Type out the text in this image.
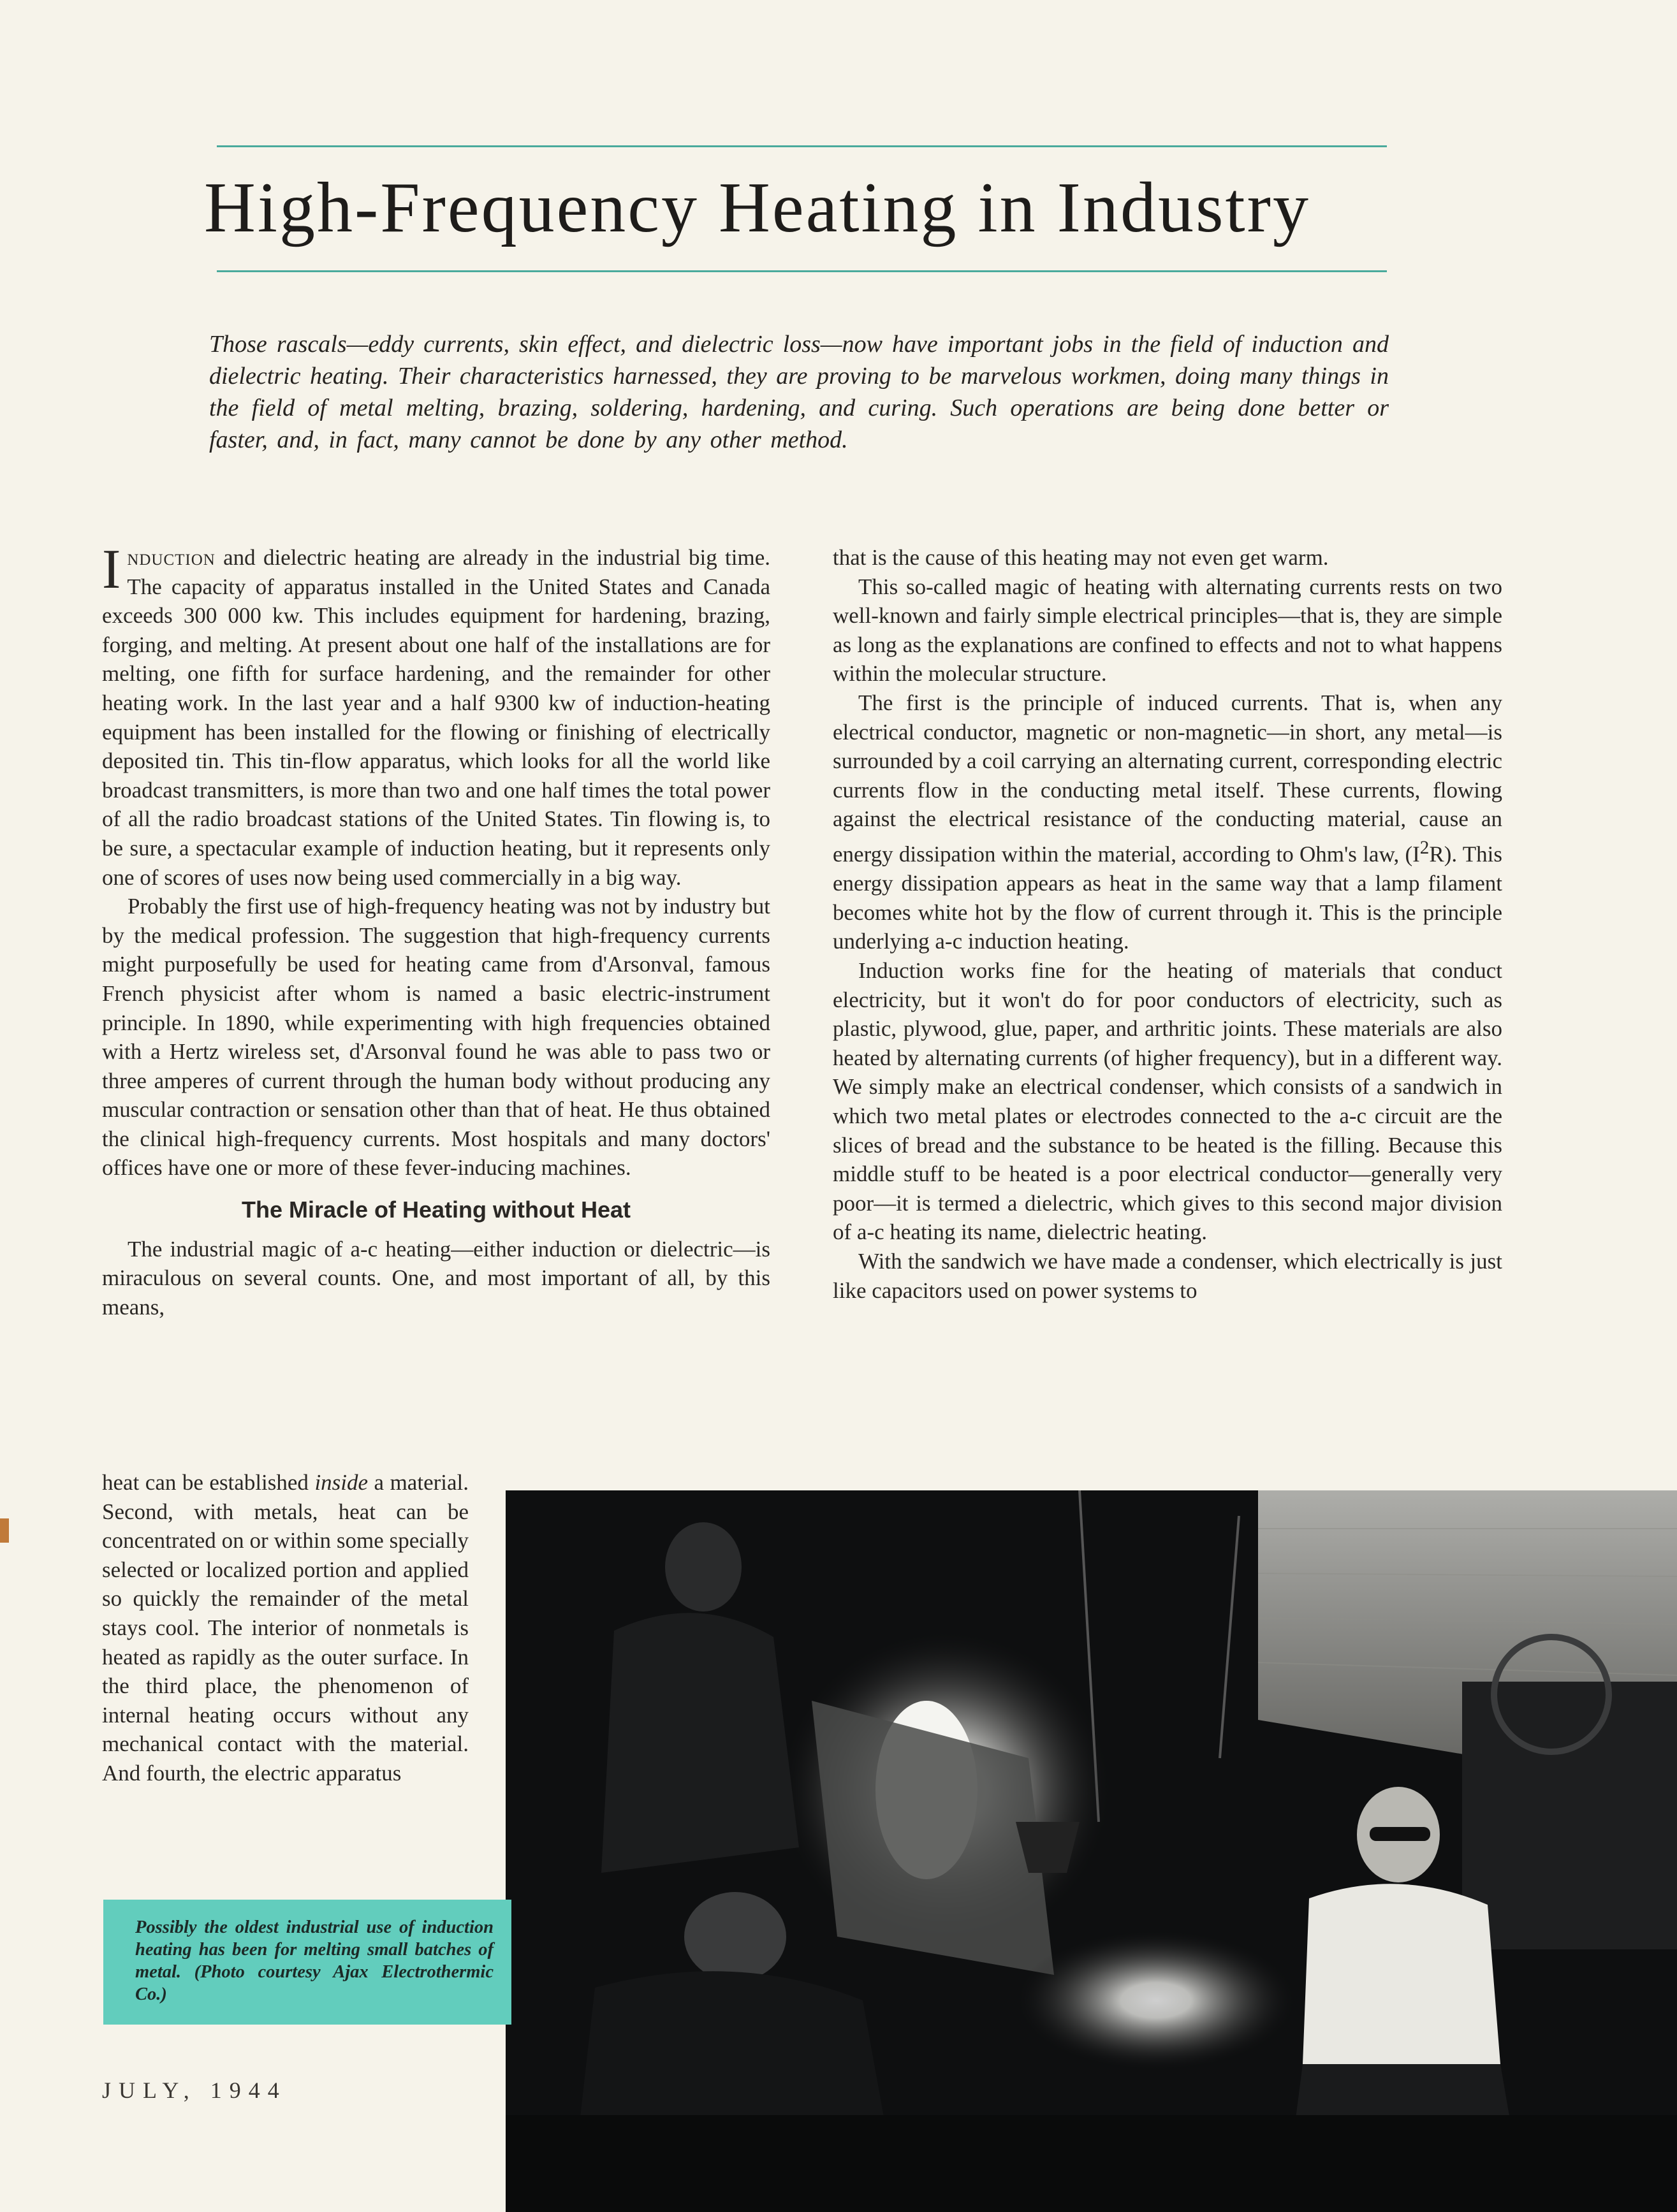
High-Frequency Heating in Industry

Those rascals—eddy currents, skin effect, and dielectric loss—now have important jobs in the field of induction and dielectric heating. Their characteristics harnessed, they are proving to be marvelous workmen, doing many things in the field of metal melting, brazing, soldering, hardening, and curing. Such operations are being done better or faster, and, in fact, many cannot be done by any other method.

Induction and dielectric heating are already in the industrial big time. The capacity of apparatus installed in the United States and Canada exceeds 300 000 kw. This includes equipment for hardening, brazing, forging, and melting. At present about one half of the installations are for melting, one fifth for surface hardening, and the remainder for other heating work. In the last year and a half 9300 kw of induction-heating equipment has been installed for the flowing or finishing of electrically deposited tin. This tin-flow apparatus, which looks for all the world like broadcast transmitters, is more than two and one half times the total power of all the radio broadcast stations of the United States. Tin flowing is, to be sure, a spectacular example of induction heating, but it represents only one of scores of uses now being used commercially in a big way.

Probably the first use of high-frequency heating was not by industry but by the medical profession. The suggestion that high-frequency currents might purposefully be used for heating came from d'Arsonval, famous French physicist after whom is named a basic electric-instrument principle. In 1890, while experimenting with high frequencies obtained with a Hertz wireless set, d'Arsonval found he was able to pass two or three amperes of current through the human body without producing any muscular contraction or sensation other than that of heat. He thus obtained the clinical high-frequency currents. Most hospitals and many doctors' offices have one or more of these fever-inducing machines.

The Miracle of Heating without Heat

The industrial magic of a-c heating—either induction or dielectric—is miraculous on several counts. One, and most important of all, by this means,

heat can be established inside a material. Second, with metals, heat can be concentrated on or within some specially selected or localized portion and applied so quickly the remainder of the metal stays cool. The interior of nonmetals is heated as rapidly as the outer surface. In the third place, the phenomenon of internal heating occurs without any mechanical contact with the material. And fourth, the electric apparatus

that is the cause of this heating may not even get warm.

This so-called magic of heating with alternating currents rests on two well-known and fairly simple electrical principles—that is, they are simple as long as the explanations are confined to effects and not to what happens within the molecular structure.

The first is the principle of induced currents. That is, when any electrical conductor, magnetic or non-magnetic—in short, any metal—is surrounded by a coil carrying an alternating current, corresponding electric currents flow in the conducting metal itself. These currents, flowing against the electrical resistance of the conducting material, cause an energy dissipation within the material, according to Ohm's law, $(I^2R)$. This energy dissipation appears as heat in the same way that a lamp filament becomes white hot by the flow of current through it. This is the principle underlying a-c induction heating.

Induction works fine for the heating of materials that conduct electricity, but it won't do for poor conductors of electricity, such as plastic, plywood, glue, paper, and arthritic joints. These materials are also heated by alternating currents (of higher frequency), but in a different way. We simply make an electrical condenser, which consists of a sandwich in which two metal plates or electrodes connected to the a-c circuit are the slices of bread and the substance to be heated is the filling. Because this middle stuff to be heated is a poor electrical conductor—generally very poor—it is termed a dielectric, which gives to this second major division of a-c heating its name, dielectric heating.

With the sandwich we have made a condenser, which electrically is just like capacitors used on power systems to

Possibly the oldest industrial use of induction heating has been for melting small batches of metal. (Photo courtesy Ajax Electrothermic Co.)

JULY, 1944
